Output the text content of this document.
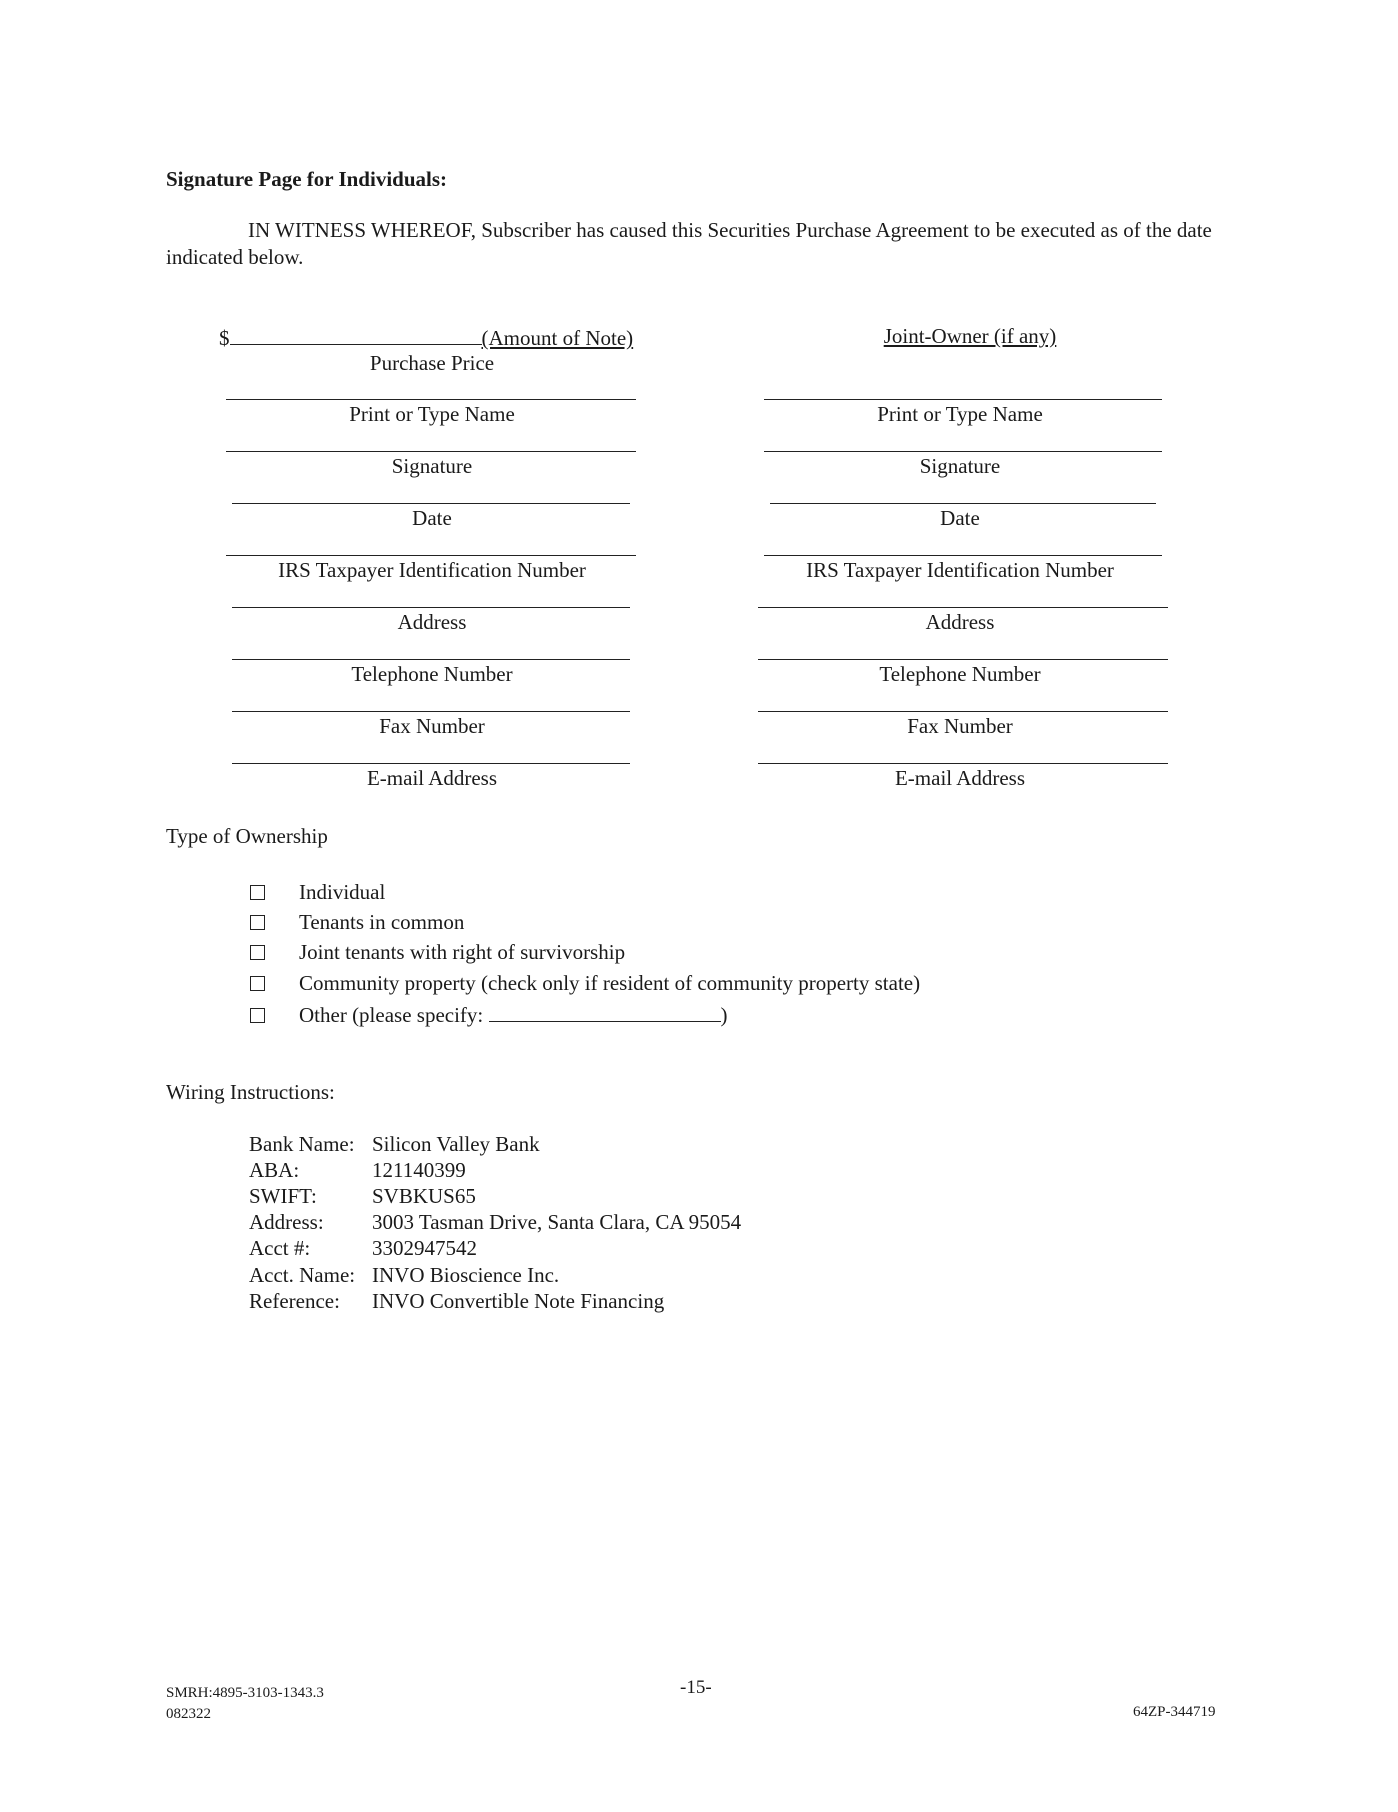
Signature Page for Individuals:
IN WITNESS WHEREOF, Subscriber has caused this Securities Purchase Agreement to be executed as of the date indicated below.
$	(Amount of Note)
Purchase Price
Joint-Owner (if any)
Print or Type Name
Signature
Date
IRS Taxpayer Identification Number
Address
Telephone Number
Fax Number
E-mail Address
Print or Type Name
Signature
Date
IRS Taxpayer Identification Number
Address
Telephone Number
Fax Number
E-mail Address
Type of Ownership
Individual
Tenants in common
Joint tenants with right of survivorship
Community property (check only if resident of community property state)
Other (please specify:	)
Wiring Instructions:
Bank Name: Silicon Valley Bank
ABA:	121140399
SWIFT:	SVBKUS65
Address: 3003 Tasman Drive, Santa Clara, CA 95054
Acct #:	3302947542
Acct. Name: INVO Bioscience Inc.
Reference: INVO Convertible Note Financing
SMRH:4895-3103-1343.3
082322
-15-
64ZP-344719
